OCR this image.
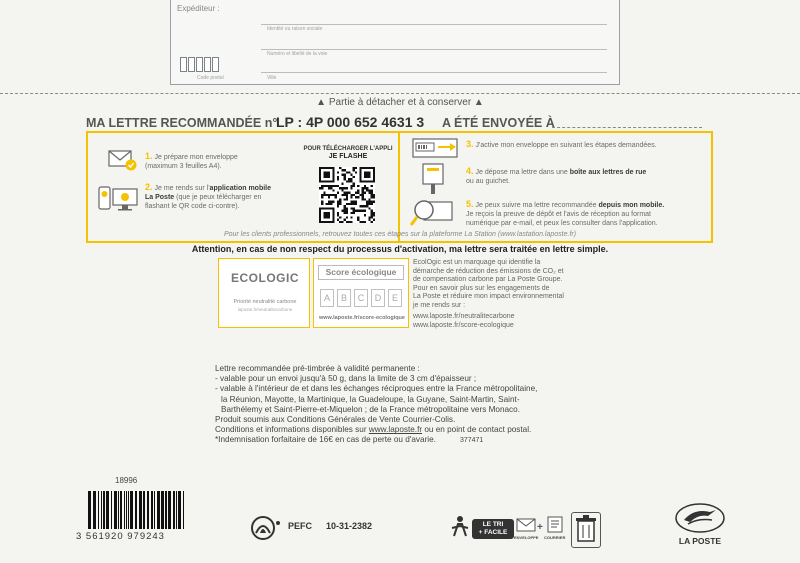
Expéditeur :
Identité ou raison sociale
Numéro et libellé de la voie
Code postal	Ville
▲ Partie à détacher et à conserver ▲
MA LETTRE RECOMMANDÉE n°
LP : 4P 000 652 4631 3 A ÉTÉ ENVOYÉE À
1. Je prépare mon enveloppe
(maximum 3 feuilles A4).
2. Je me rends sur l'application mobile
La Poste (que je peux télécharger en
flashant le QR code ci-contre).
POUR TÉLÉCHARGER L'APPLI
JE FLASHE
3. J'active mon enveloppe en suivant les étapes demandées.
4. Je dépose ma lettre dans une boîte aux lettres de rue
ou au guichet.
5. Je peux suivre ma lettre recommandée depuis mon mobile.
Je reçois la preuve de dépôt et l'avis de réception au format
numérique par e-mail, et peux les consulter dans l'application.
Pour les clients professionnels, retrouvez toutes ces étapes sur la plateforme La Station (www.lastation.laposte.fr)
Attention, en cas de non respect du processus d'activation, ma lettre sera traitée en lettre simple.
ECOLOGIC
Priorité neutralité carbone
laposte.fr/neutralitecarbone
Score écologique
A	B	C	D	E
www.laposte.fr/score-ecologique
EcolOgic est un marquage qui identifie la
démarche de réduction des émissions de CO₂ et
de compensation carbone par La Poste Groupe.
Pour en savoir plus sur les engagements de
La Poste et réduire mon impact environnemental
je me rends sur :
www.laposte.fr/neutralitecarbone
www.laposte.fr/score-ecologique
Lettre recommandée pré-timbrée à validité permanente :
- valable pour un envoi jusqu'à 50 g, dans la limite de 3 cm d'épaisseur ;
- valable à l'intérieur de et dans les échanges réciproques entre la France métropolitaine,
la Réunion, Mayotte, la Martinique, la Guadeloupe, la Guyane, Saint-Martin, Saint-
Barthélemy et Saint-Pierre-et-Miquelon ; de la France métropolitaine vers Monaco.
Produit soumis aux Conditions Générales de Vente Courrier-Colis.
Conditions et informations disponibles sur www.laposte.fr ou en point de contact postal.
*Indemnisation forfaitaire de 16€ en cas de perte ou d'avarie.	377471
18996
3 561920 979243
PEFC 10-31-2382	LE TRI
+ FACILE
ENVELOPPE
+
COURRIER	LA POSTE
